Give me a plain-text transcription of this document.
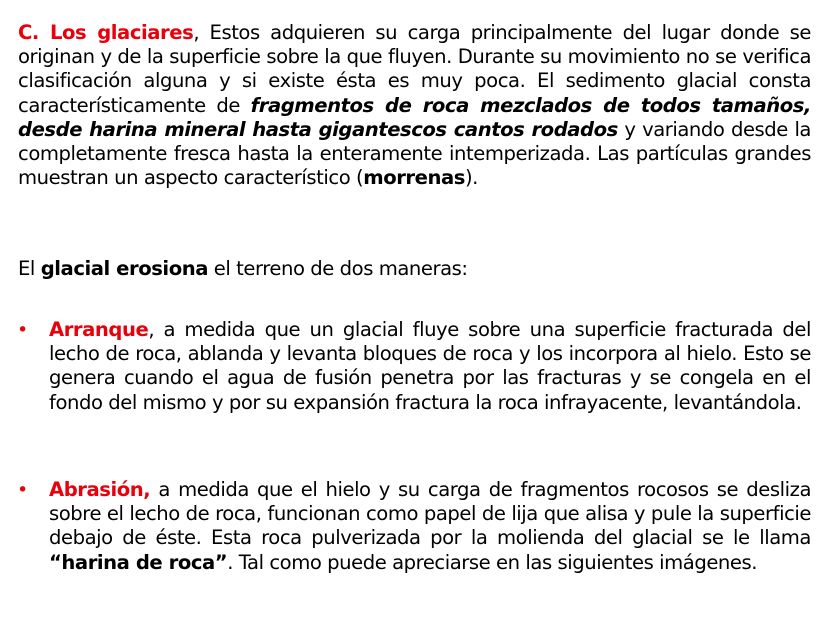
C. Los glaciares, Estos adquieren su carga principalmente del lugar donde se originan y de la superficie sobre la que fluyen. Durante su movimiento no se verifica clasificación alguna y si existe ésta es muy poca. El sedimento glacial consta característicamente de fragmentos de roca mezclados de todos tamaños, desde harina mineral hasta gigantescos cantos rodados y variando desde la completamente fresca hasta la enteramente intemperizada. Las partículas grandes muestran un aspecto característico (morrenas).

El glacial erosiona el terreno de dos maneras:

• Arranque, a medida que un glacial fluye sobre una superficie fracturada del lecho de roca, ablanda y levanta bloques de roca y los incorpora al hielo. Esto se genera cuando el agua de fusión penetra por las fracturas y se congela en el fondo del mismo y por su expansión fractura la roca infrayacente, levantándola.

• Abrasión, a medida que el hielo y su carga de fragmentos rocosos se desliza sobre el lecho de roca, funcionan como papel de lija que alisa y pule la superficie debajo de éste. Esta roca pulverizada por la molienda del glacial se le llama “harina de roca”. Tal como puede apreciarse en las siguientes imágenes.
